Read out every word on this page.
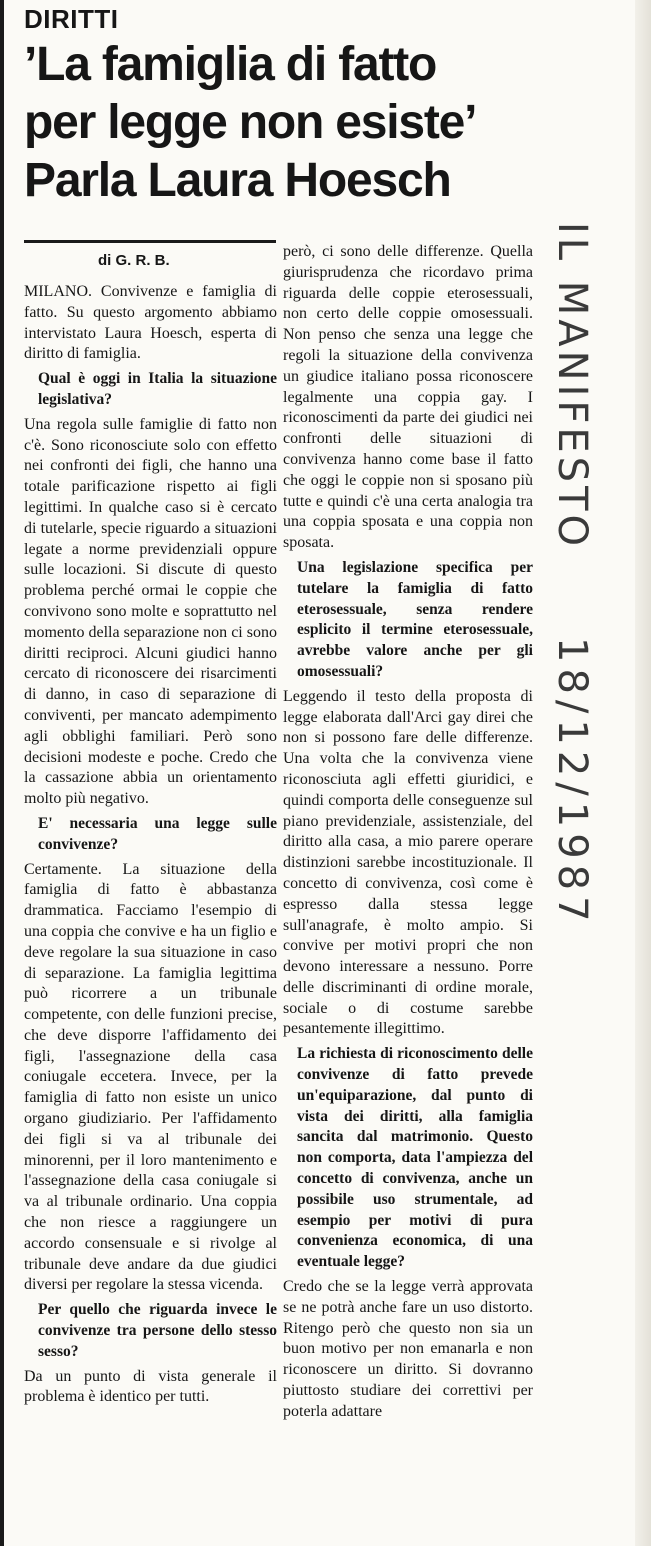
DIRITTI
’La famiglia di fatto
per legge non esiste’
Parla Laura Hoesch
di G. R. B.

MILANO. Convivenze e famiglia di fatto. Su questo argomento abbiamo intervistato Laura Hoesch, esperta di diritto di famiglia.

Qual è oggi in Italia la situazione legislativa?

Una regola sulle famiglie di fatto non c'è. Sono riconosciute solo con effetto nei confronti dei figli, che hanno una totale parificazione rispetto ai figli legittimi. In qualche caso si è cercato di tutelarle, specie riguardo a situazioni legate a norme previdenziali oppure sulle locazioni. Si discute di questo problema perché ormai le coppie che convivono sono molte e soprattutto nel momento della separazione non ci sono diritti reciproci. Alcuni giudici hanno cercato di riconoscere dei risarcimenti di danno, in caso di separazione di conviventi, per mancato adempimento agli obblighi familiari. Però sono decisioni modeste e poche. Credo che la cassazione abbia un orientamento molto più negativo.

E' necessaria una legge sulle convivenze?

Certamente. La situazione della famiglia di fatto è abbastanza drammatica. Facciamo l'esempio di una coppia che convive e ha un figlio e deve regolare la sua situazione in caso di separazione. La famiglia legittima può ricorrere a un tribunale competente, con delle funzioni precise, che deve disporre l'affidamento dei figli, l'assegnazione della casa coniugale eccetera. Invece, per la famiglia di fatto non esiste un unico organo giudiziario. Per l'affidamento dei figli si va al tribunale dei minorenni, per il loro mantenimento e l'assegnazione della casa coniugale si va al tribunale ordinario. Una coppia che non riesce a raggiungere un accordo consensuale e si rivolge al tribunale deve andare da due giudici diversi per regolare la stessa vicenda.

Per quello che riguarda invece le convivenze tra persone dello stesso sesso?

Da un punto di vista generale il problema è identico per tutti.

però, ci sono delle differenze. Quella giurisprudenza che ricordavo prima riguarda delle coppie eterosessuali, non certo delle coppie omosessuali. Non penso che senza una legge che regoli la situazione della convivenza un giudice italiano possa riconoscere legalmente una coppia gay. I riconoscimenti da parte dei giudici nei confronti delle situazioni di convivenza hanno come base il fatto che oggi le coppie non si sposano più tutte e quindi c'è una certa analogia tra una coppia sposata e una coppia non sposata.

Una legislazione specifica per tutelare la famiglia di fatto eterosessuale, senza rendere esplicito il termine eterosessuale, avrebbe valore anche per gli omosessuali?

Leggendo il testo della proposta di legge elaborata dall'Arci gay direi che non si possono fare delle differenze. Una volta che la convivenza viene riconosciuta agli effetti giuridici, e quindi comporta delle conseguenze sul piano previdenziale, assistenziale, del diritto alla casa, a mio parere operare distinzioni sarebbe incostituzionale. Il concetto di convivenza, così come è espresso dalla stessa legge sull'anagrafe, è molto ampio. Si convive per motivi propri che non devono interessare a nessuno. Porre delle discriminanti di ordine morale, sociale o di costume sarebbe pesantemente illegittimo.

La richiesta di riconoscimento delle convivenze di fatto prevede un'equiparazione, dal punto di vista dei diritti, alla famiglia sancita dal matrimonio. Questo non comporta, data l'ampiezza del concetto di convivenza, anche un possibile uso strumentale, ad esempio per motivi di pura convenienza economica, di una eventuale legge?

Credo che se la legge verrà approvata se ne potrà anche fare un uso distorto. Ritengo però che questo non sia un buon motivo per non emanarla e non riconoscere un diritto. Si dovranno piuttosto studiare dei correttivi per poterla adattare

IL MANIFESTO
18/12/1987
